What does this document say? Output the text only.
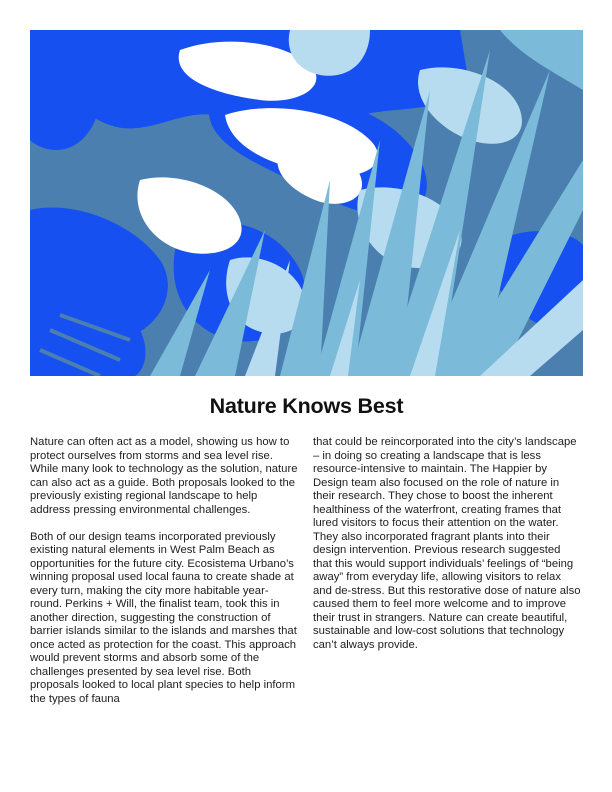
Nature Knows Best

Nature can often act as a model, showing us how to protect ourselves from storms and sea level rise. While many look to technology as the solution, nature can also act as a guide. Both proposals looked to the previously existing regional landscape to help address pressing environmental challenges.

Both of our design teams incorporated previously existing natural elements in West Palm Beach as opportunities for the future city. Ecosistema Urbano’s winning proposal used local fauna to create shade at every turn, making the city more habitable year-round. Perkins + Will, the finalist team, took this in another direction, suggesting the construction of barrier islands similar to the islands and marshes that once acted as protection for the coast. This approach would prevent storms and absorb some of the challenges presented by sea level rise. Both proposals looked to local plant species to help inform the types of fauna

that could be reincorporated into the city’s landscape – in doing so creating a landscape that is less resource-intensive to maintain. The Happier by Design team also focused on the role of nature in their research. They chose to boost the inherent healthiness of the waterfront, creating frames that lured visitors to focus their attention on the water. They also incorporated fragrant plants into their design intervention. Previous research suggested that this would support individuals’ feelings of “being away” from everyday life, allowing visitors to relax and de-stress. But this restorative dose of nature also caused them to feel more welcome and to improve their trust in strangers. Nature can create beautiful, sustainable and low-cost solutions that technology can’t always provide.
